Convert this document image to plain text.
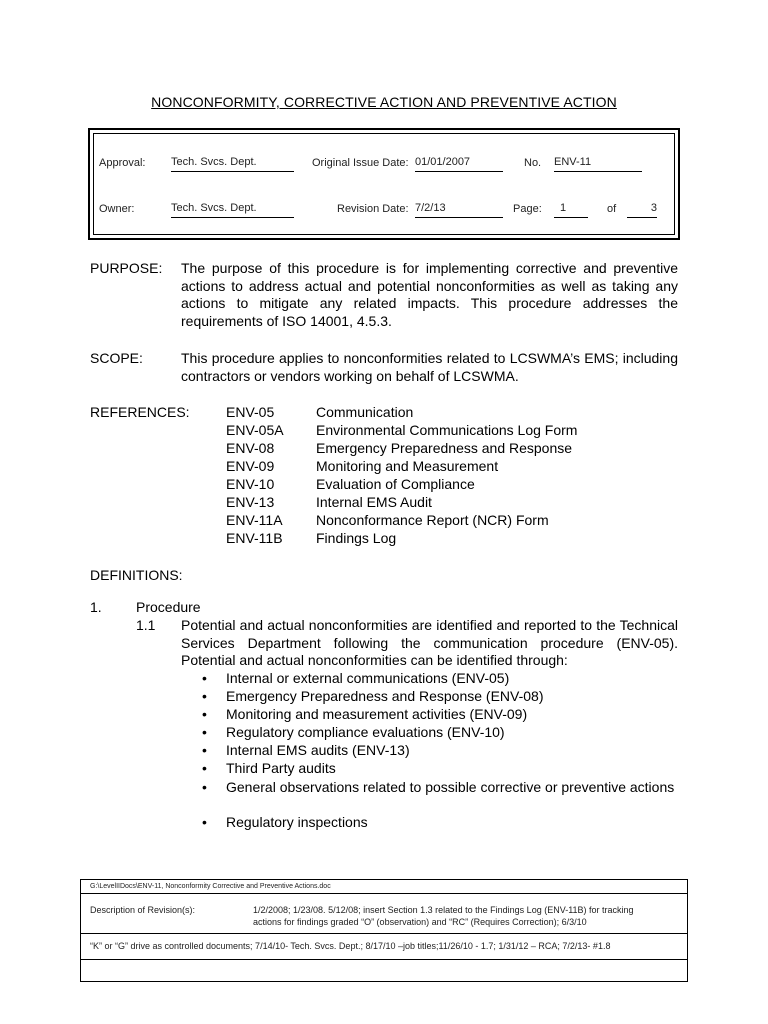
NONCONFORMITY, CORRECTIVE ACTION AND PREVENTIVE ACTION
Approval: Tech. Svcs. Dept.	Original Issue Date: 01/01/2007	No. ENV-11
Owner:	Tech. Svcs. Dept.	Revision Date: 7/2/13	Page:	1	of	3
PURPOSE: The purpose of this procedure is for implementing corrective and preventive actions to address actual and potential nonconformities as well as taking any actions to mitigate any related impacts. This procedure addresses the requirements of ISO 14001, 4.5.3.
SCOPE:	This procedure applies to nonconformities related to LCSWMA’s EMS; including contractors or vendors working on behalf of LCSWMA.
REFERENCES:	ENV-05	Communication
ENV-05A Environmental Communications Log Form
ENV-08	Emergency Preparedness and Response
ENV-09	Monitoring and Measurement
ENV-10	Evaluation of Compliance
ENV-13	Internal EMS Audit
ENV-11A Nonconformance Report (NCR) Form
ENV-11B Findings Log
DEFINITIONS:
1. Procedure
1.1 Potential and actual nonconformities are identified and reported to the Technical Services Department following the communication procedure (ENV-05). Potential and actual nonconformities can be identified through:
• Internal or external communications (ENV-05)
• Emergency Preparedness and Response (ENV-08)
• Monitoring and measurement activities (ENV-09)
• Regulatory compliance evaluations (ENV-10)
• Internal EMS audits (ENV-13)
• Third Party audits
• General observations related to possible corrective or preventive actions
• Regulatory inspections
G:\LevelIIDocs\ENV-11, Nonconformity Corrective and Preventive Actions.doc
Description of Revision(s):	1/2/2008; 1/23/08. 5/12/08; insert Section 1.3 related to the Findings Log (ENV-11B) for tracking
actions for findings graded “O” (observation) and “RC” (Requires Correction); 6/3/10
“K” or “G” drive as controlled documents; 7/14/10- Tech. Svcs. Dept.; 8/17/10 –job titles;11/26/10 - 1.7; 1/31/12 – RCA; 7/2/13- #1.8
